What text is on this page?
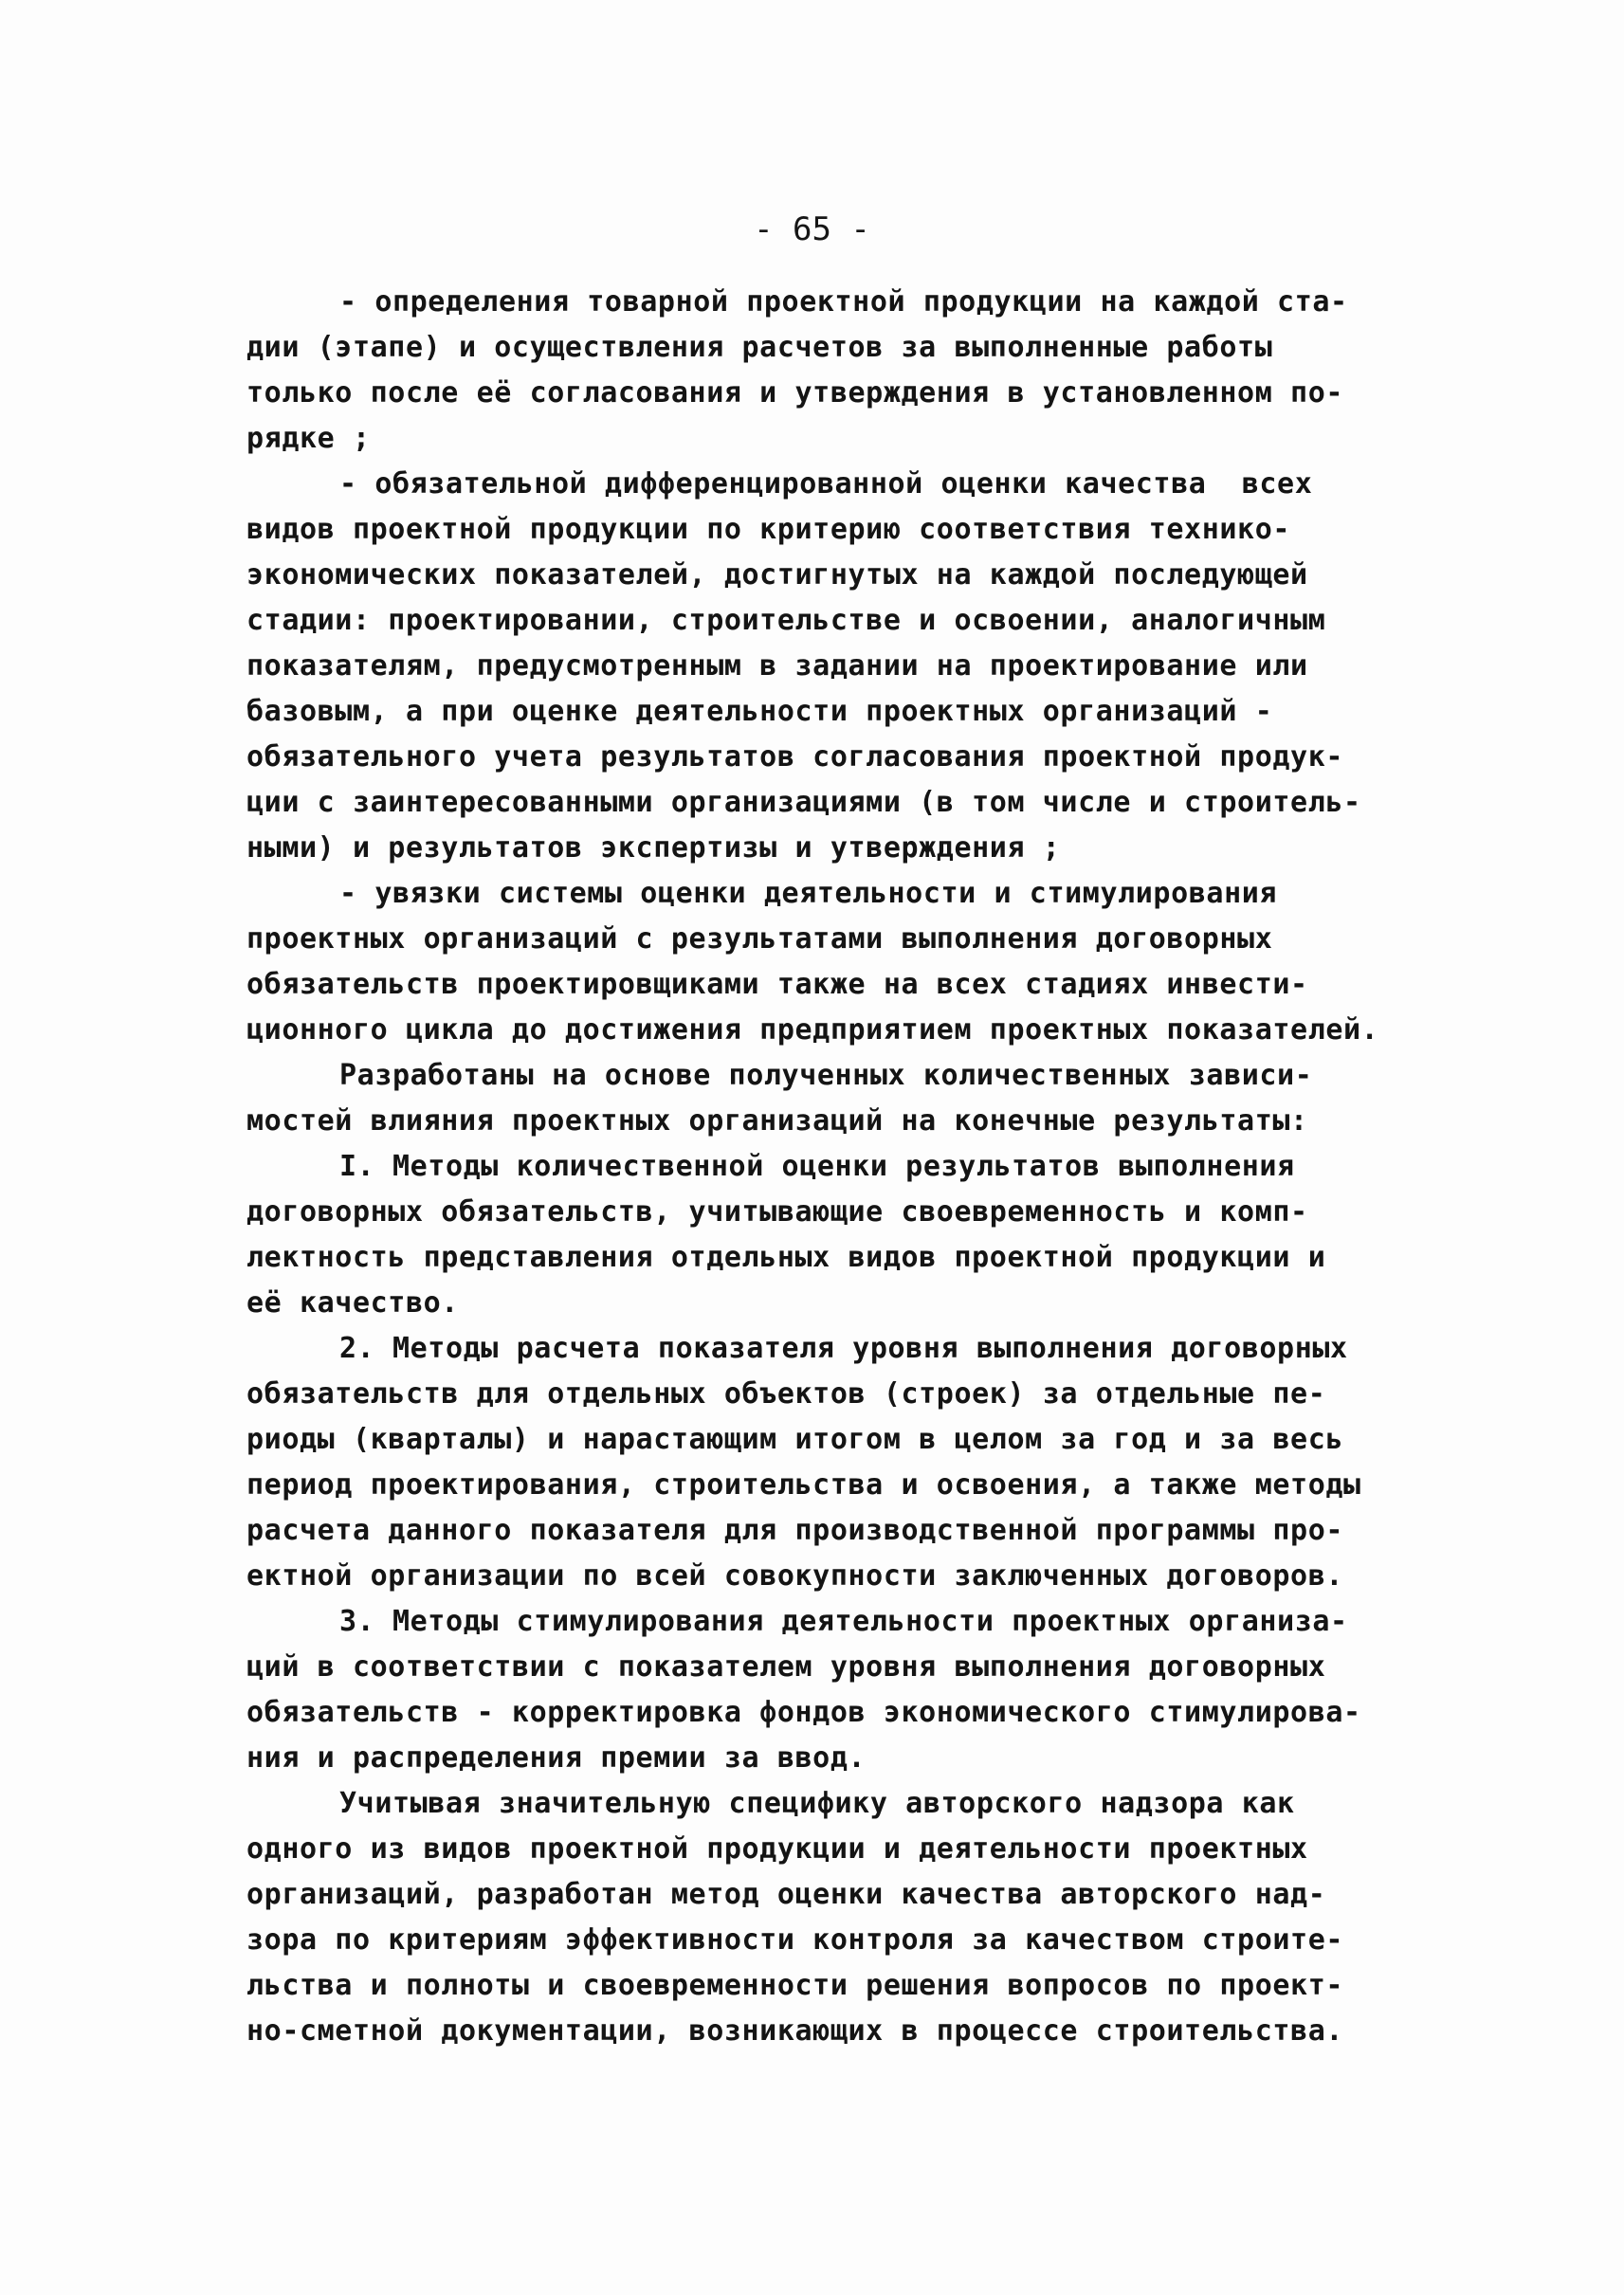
- 65 -
- определения товарной проектной продукции на каждой ста-
дии (этапе) и осуществления расчетов за выполненные работы
только после её согласования и утверждения в установленном по-
рядке ;
- обязательной дифференцированной оценки качества  всех
видов проектной продукции по критерию соответствия технико-
экономических показателей, достигнутых на каждой последующей
стадии: проектировании, строительстве и освоении, аналогичным
показателям, предусмотренным в задании на проектирование или
базовым, а при оценке деятельности проектных организаций -
обязательного учета результатов согласования проектной продук-
ции с заинтересованными организациями (в том числе и строитель-
ными) и результатов экспертизы и утверждения ;
- увязки системы оценки деятельности и стимулирования
проектных организаций с результатами выполнения договорных
обязательств проектировщиками также на всех стадиях инвести-
ционного цикла до достижения предприятием проектных показателей.
Разработаны на основе полученных количественных зависи-
мостей влияния проектных организаций на конечные результаты:
I. Методы количественной оценки результатов выполнения
договорных обязательств, учитывающие своевременность и комп-
лектность представления отдельных видов проектной продукции и
её качество.
2. Методы расчета показателя уровня выполнения договорных
обязательств для отдельных объектов (строек) за отдельные пе-
риоды (кварталы) и нарастающим итогом в целом за год и за весь
период проектирования, строительства и освоения, а также методы
расчета данного показателя для производственной программы про-
ектной организации по всей совокупности заключенных договоров.
3. Методы стимулирования деятельности проектных организа-
ций в соответствии с показателем уровня выполнения договорных
обязательств - корректировка фондов экономического стимулирова-
ния и распределения премии за ввод.
Учитывая значительную специфику авторского надзора как
одного из видов проектной продукции и деятельности проектных
организаций, разработан метод оценки качества авторского над-
зора по критериям эффективности контроля за качеством строите-
льства и полноты и своевременности решения вопросов по проект-
но-сметной документации, возникающих в процессе строительства.
